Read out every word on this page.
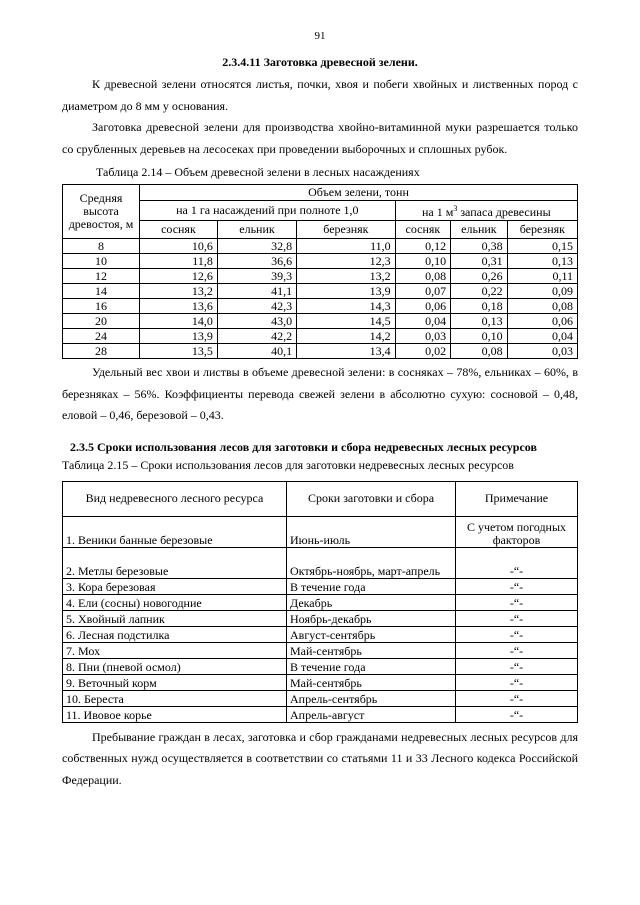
91
2.3.4.11 Заготовка древесной зелени.

К древесной зелени относятся листья, почки, хвоя и побеги хвойных и лиственных пород с диаметром до 8 мм у основания.

Заготовка древесной зелени для производства хвойно-витаминной муки разрешается только со срубленных деревьев на лесосеках при проведении выборочных и сплошных рубок.

Таблица 2.14 – Объем древесной зелени в лесных насаждениях
Средняя высота древостоя, м	Объем зелени, тонн					
	на 1 га насаждений при полноте 1,0			на 1 $м^3$ запаса древесины		
	сосняк	ельник	березняк	сосняк	ельник	березняк
8	10,6	32,8	11,0	0,12	0,38	0,15
10	11,8	36,6	12,3	0,10	0,31	0,13
12	12,6	39,3	13,2	0,08	0,26	0,11
14	13,2	41,1	13,9	0,07	0,22	0,09
16	13,6	42,3	14,3	0,06	0,18	0,08
20	14,0	43,0	14,5	0,04	0,13	0,06
24	13,9	42,2	14,2	0,03	0,10	0,04
28	13,5	40,1	13,4	0,02	0,08	0,03

Удельный вес хвои и листвы в объеме древесной зелени: в сосняках – 78%, ельниках – 60%, в березняках – 56%. Коэффициенты перевода свежей зелени в абсолютно сухую: сосновой – 0,48, еловой – 0,46, березовой – 0,43.

2.3.5 Сроки использования лесов для заготовки и сбора недревесных лесных ресурсов
Таблица 2.15 – Сроки использования лесов для заготовки недревесных лесных ресурсов
Вид недревесного лесного ресурса	Сроки заготовки и сбора	Примечание
1. Веники банные березовые	Июнь-июль	С учетом погодных факторов
2. Метлы березовые	Октябрь-ноябрь, март-апрель	-“-
3. Кора березовая	В течение года	-“-
4. Ели (сосны) новогодние	Декабрь	-“-
5. Хвойный лапник	Ноябрь-декабрь	-“-
6. Лесная подстилка	Август-сентябрь	-“-
7. Мох	Май-сентябрь	-“-
8. Пни (пневой осмол)	В течение года	-“-
9. Веточный корм	Май-сентябрь	-“-
10. Береста	Апрель-сентябрь	-“-
11. Ивовое корье	Апрель-август	-“-

Пребывание граждан в лесах, заготовка и сбор гражданами недревесных лесных ресурсов для собственных нужд осуществляется в соответствии со статьями 11 и 33 Лесного кодекса Российской Федерации.
